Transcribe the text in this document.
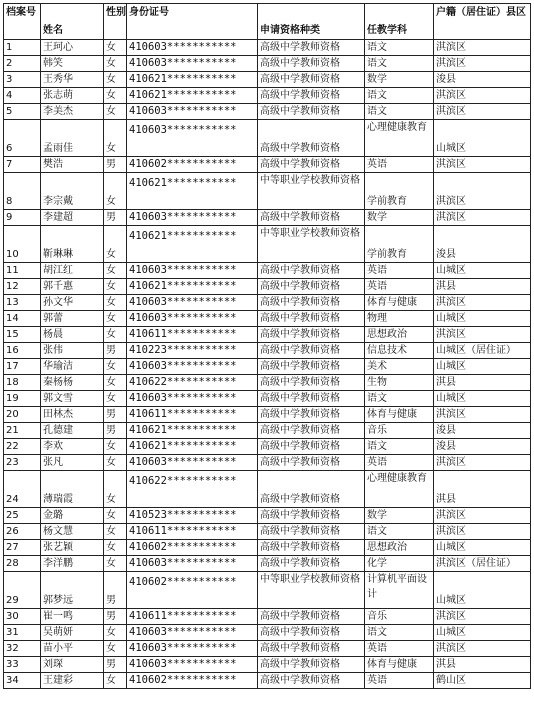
档案号	姓名	性别	身份证号	申请资格种类	任教学科	户籍（居住证）县区
1	王珂心	女	410603***********	高级中学教师资格	语文	淇滨区
2	韩笑	女	410603***********	高级中学教师资格	语文	淇滨区
3	王秀华	女	410621***********	高级中学教师资格	数学	浚县
4	张志萌	女	410621***********	高级中学教师资格	语文	淇滨区
5	李美杰	女	410603***********	高级中学教师资格	语文	淇滨区
6	孟雨佳	女	410603***********	高级中学教师资格	心理健康教育	山城区
7	樊浩	男	410602***********	高级中学教师资格	英语	淇滨区
8	李宗戴	女	410621***********	中等职业学校教师资格	学前教育	淇滨区
9	李建超	男	410603***********	高级中学教师资格	数学	淇滨区
10	靳琳琳	女	410621***********	中等职业学校教师资格	学前教育	浚县
11	胡江红	女	410603***********	高级中学教师资格	英语	山城区
12	郭千惠	女	410621***********	高级中学教师资格	英语	淇县
13	孙文华	女	410603***********	高级中学教师资格	体育与健康	淇滨区
14	郭蕾	女	410603***********	高级中学教师资格	物理	山城区
15	杨晨	女	410611***********	高级中学教师资格	思想政治	淇滨区
16	张伟	男	410223***********	高级中学教师资格	信息技术	山城区（居住证）
17	华瑜洁	女	410603***********	高级中学教师资格	美术	山城区
18	秦杨杨	女	410622***********	高级中学教师资格	生物	淇县
19	郭文雪	女	410603***********	高级中学教师资格	语文	山城区
20	田林杰	男	410611***********	高级中学教师资格	体育与健康	淇滨区
21	孔德建	男	410621***********	高级中学教师资格	音乐	浚县
22	李欢	女	410621***********	高级中学教师资格	语文	浚县
23	张凡	女	410603***********	高级中学教师资格	英语	淇滨区
24	薄瑞霞	女	410622***********	高级中学教师资格	心理健康教育	淇县
25	金璐	女	410523***********	高级中学教师资格	数学	淇滨区
26	杨文慧	女	410611***********	高级中学教师资格	语文	淇滨区
27	张艺颖	女	410602***********	高级中学教师资格	思想政治	山城区
28	李洋鹏	女	410603***********	高级中学教师资格	化学	淇滨区（居住证）
29	郭梦远	男	410602***********	中等职业学校教师资格	计算机平面设计	山城区
30	崔一鸣	男	410611***********	高级中学教师资格	音乐	淇滨区
31	吴萌妍	女	410603***********	高级中学教师资格	语文	山城区
32	苗小平	女	410603***********	高级中学教师资格	英语	淇滨区
33	刘琛	男	410603***********	高级中学教师资格	体育与健康	淇县
34	王建彩	女	410602***********	高级中学教师资格	英语	鹤山区
